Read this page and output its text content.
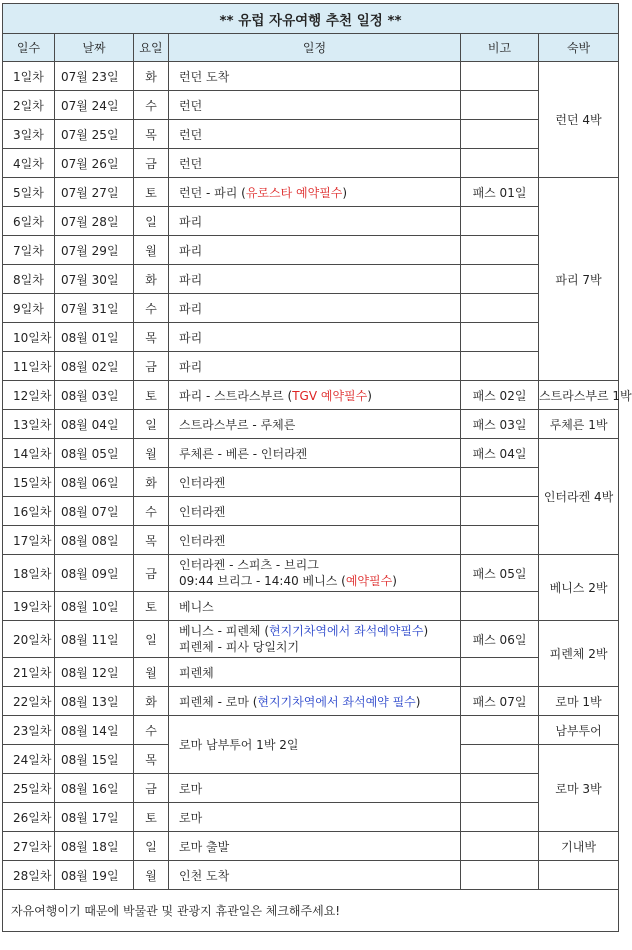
** 유럽 자유여행 추천 일정 **					
일수	날짜	요일	일정	비고	숙박
1일차	07월 23일	화	런던 도착		런던 4박
2일차	07월 24일	수	런던		
3일차	07월 25일	목	런던		
4일차	07월 26일	금	런던		
5일차	07월 27일	토	런던 - 파리 (유로스타 예약필수)	패스 01일	파리 7박
6일차	07월 28일	일	파리		
7일차	07월 29일	월	파리		
8일차	07월 30일	화	파리		
9일차	07월 31일	수	파리		
10일차	08월 01일	목	파리		
11일차	08월 02일	금	파리		
12일차	08월 03일	토	파리 - 스트라스부르 (TGV 예약필수)	패스 02일	스트라스부르 1박
13일차	08월 04일	일	스트라스부르 - 루체른	패스 03일	루체른 1박
14일차	08월 05일	월	루체른 - 베른 - 인터라켄	패스 04일	인터라켄 4박
15일차	08월 06일	화	인터라켄		
16일차	08월 07일	수	인터라켄		
17일차	08월 08일	목	인터라켄		
18일차	08월 09일	금	인터라켄 - 스피츠 - 브리그
09:44 브리그 - 14:40 베니스 (예약필수)	패스 05일	베니스 2박
19일차	08월 10일	토	베니스		
20일차	08월 11일	일	베니스 - 피렌체 (현지기차역에서 좌석예약필수)
피렌체 - 피사 당일치기	패스 06일	피렌체 2박
21일차	08월 12일	월	피렌체		
22일차	08월 13일	화	피렌체 - 로마 (현지기차역에서 좌석예약 필수)	패스 07일	로마 1박
23일차	08월 14일	수	로마 남부투어 1박 2일		남부투어
24일차	08월 15일	목			로마 3박
25일차	08월 16일	금	로마		
26일차	08월 17일	토	로마		
27일차	08월 18일	일	로마 출발		기내박
28일차	08월 19일	월	인천 도착		
자유여행이기 때문에 박물관 및 관광지 휴관일은 체크해주세요!					
